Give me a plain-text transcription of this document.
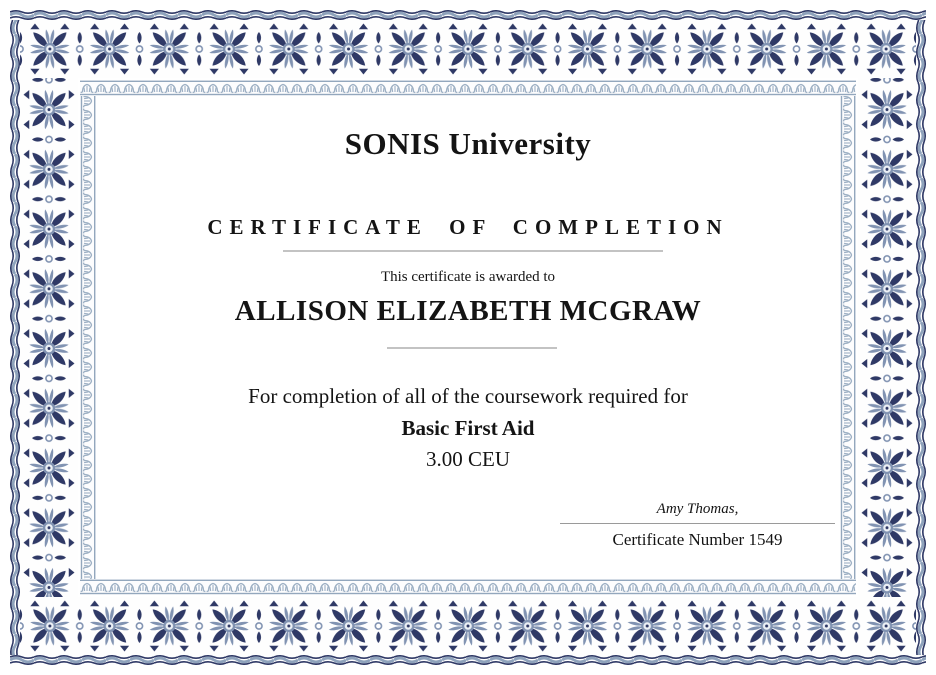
SONIS University
CERTIFICATE OF COMPLETION
This certificate is awarded to
ALLISON ELIZABETH MCGRAW
For completion of all of the coursework required for
Basic First Aid
3.00 CEU
Amy Thomas,
Certificate Number 1549
